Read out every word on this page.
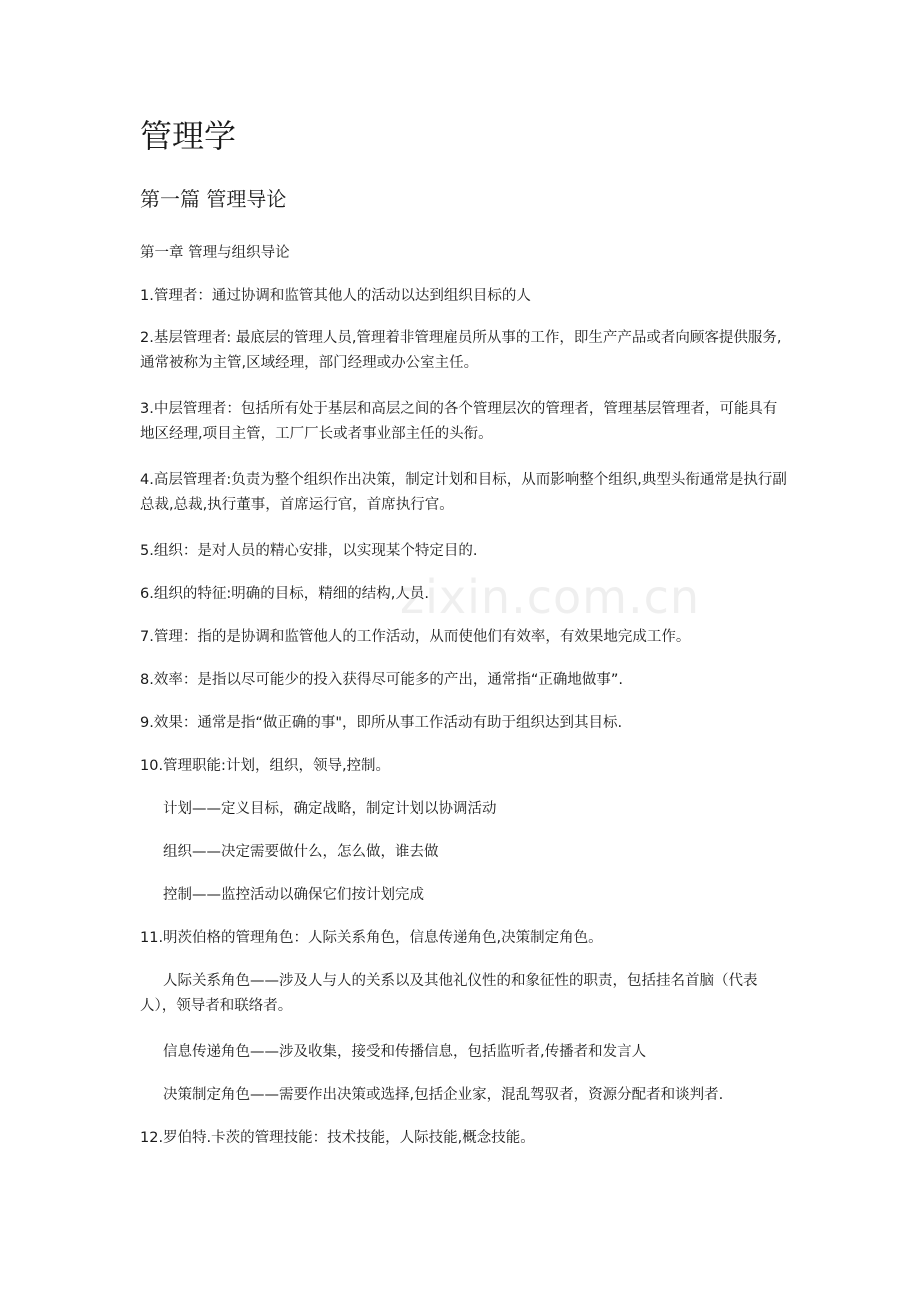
zixin.com.cn
管理学
第一篇 管理导论
第一章 管理与组织导论

1.管理者：通过协调和监管其他人的活动以达到组织目标的人

2.基层管理者: 最底层的管理人员,管理着非管理雇员所从事的工作，即生产产品或者向顾客提供服务,通常被称为主管,区域经理，部门经理或办公室主任。

3.中层管理者：包括所有处于基层和高层之间的各个管理层次的管理者，管理基层管理者，可能具有地区经理,项目主管，工厂厂长或者事业部主任的头衔。

4.高层管理者:负责为整个组织作出决策，制定计划和目标，从而影响整个组织,典型头衔通常是执行副总裁,总裁,执行董事，首席运行官，首席执行官。

5.组织：是对人员的精心安排，以实现某个特定目的.

6.组织的特征:明确的目标，精细的结构,人员.

7.管理：指的是协调和监管他人的工作活动，从而使他们有效率，有效果地完成工作。

8.效率：是指以尽可能少的投入获得尽可能多的产出，通常指“正确地做事”.

9.效果：通常是指“做正确的事"，即所从事工作活动有助于组织达到其目标.

10.管理职能:计划，组织，领导,控制。

计划——定义目标，确定战略，制定计划以协调活动

组织——决定需要做什么，怎么做，谁去做

控制——监控活动以确保它们按计划完成

11.明茨伯格的管理角色：人际关系角色，信息传递角色,决策制定角色。

人际关系角色——涉及人与人的关系以及其他礼仪性的和象征性的职责，包括挂名首脑（代表人），领导者和联络者。

信息传递角色——涉及收集，接受和传播信息，包括监听者,传播者和发言人

决策制定角色——需要作出决策或选择,包括企业家，混乱驾驭者，资源分配者和谈判者.

12.罗伯特.卡茨的管理技能：技术技能，人际技能,概念技能。
